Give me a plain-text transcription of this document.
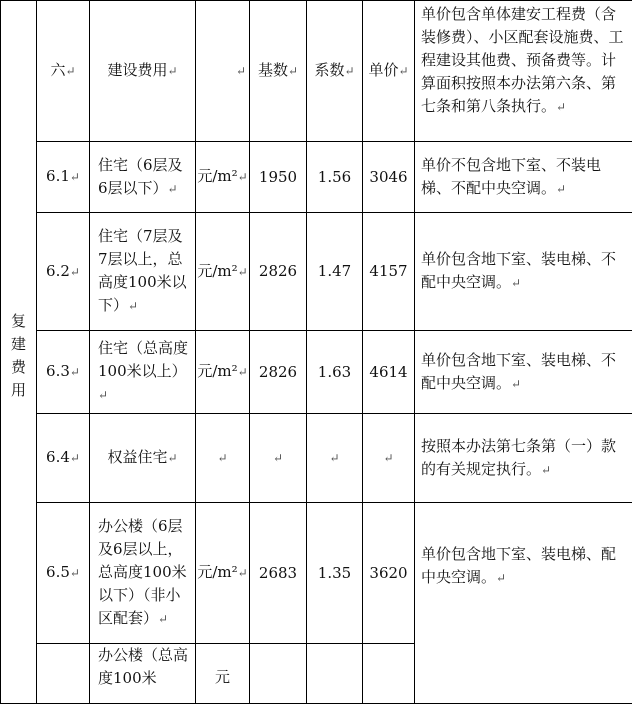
复
建
费
用	六↵	建设费用↵	↵	基数↵	系数↵	单价↵	单价包含单体建安工程费（含装修费）、小区配套设施费、工程建设其他费、预备费等。计算面积按照本办法第六条、第七条和第八条执行。↵
	6.1↵	住宅（6层及6层以下）↵	元/m²↵	1950	1.56	3046	单价不包含地下室、不装电梯、不配中央空调。↵
	6.2↵	住宅（7层及7层以上，总高度100米以下）↵	元/m²↵	2826	1.47	4157	单价包含地下室、装电梯、不配中央空调。↵
	6.3↵	住宅（总高度100米以上）↵	元/m²↵	2826	1.63	4614	单价包含地下室、装电梯、不配中央空调。↵
	6.4↵	权益住宅↵	↵	↵	↵	↵	按照本办法第七条第（一）款的有关规定执行。↵
	6.5↵	办公楼（6层及6层以上，总高度100米以下）（非小区配套）↵	元/m²↵	2683	1.35	3620	单价包含地下室、装电梯、配中央空调。↵
		办公楼（总高度100米	元				
